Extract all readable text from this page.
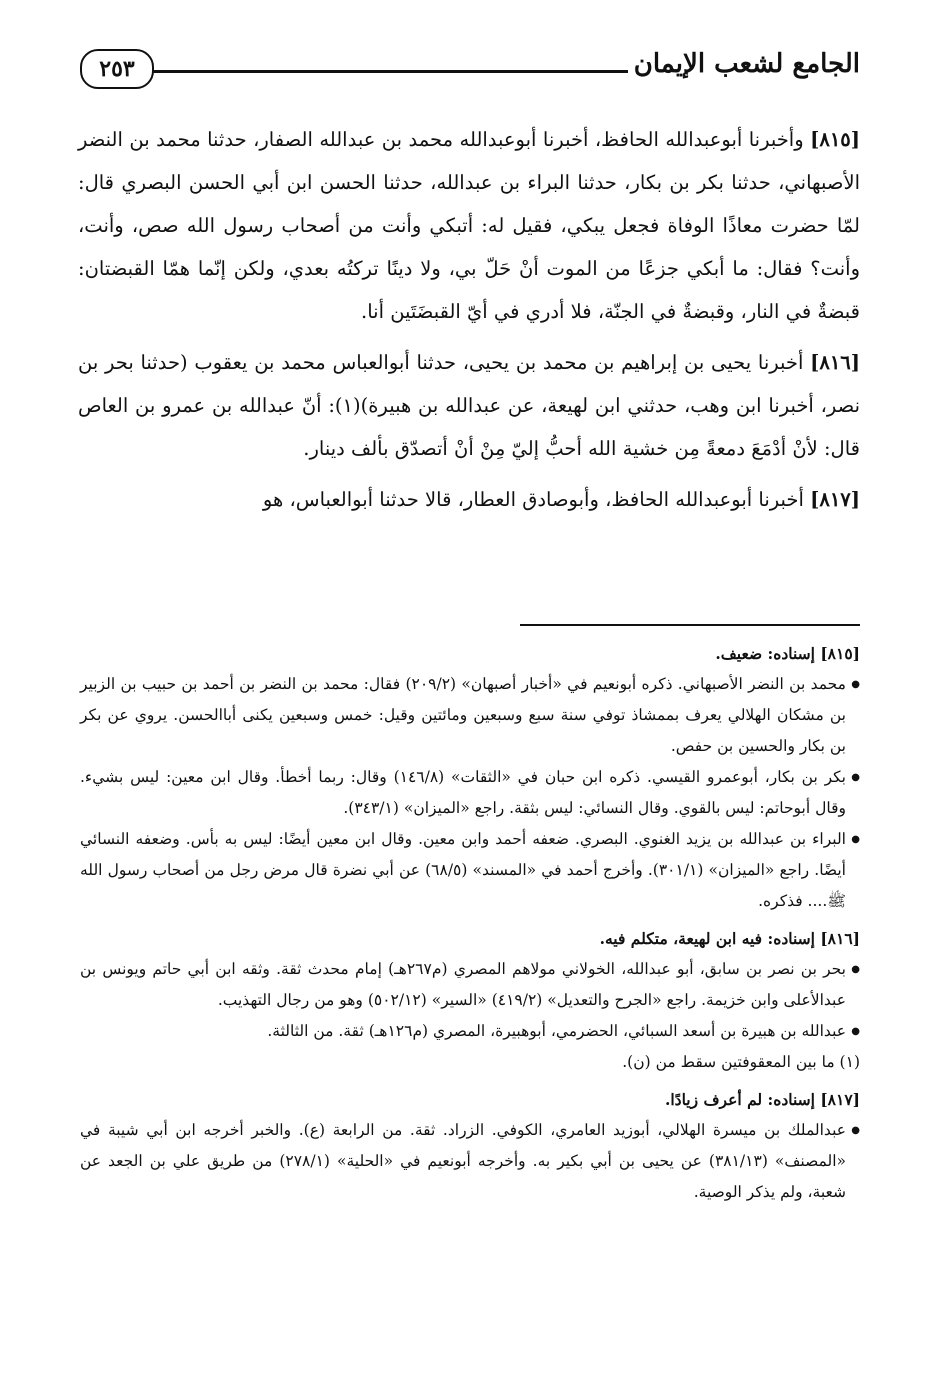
الجامع لشعب الإيمان
٢٥٣

[٨١٥] وأخبرنا أبوعبدالله الحافظ، أخبرنا أبوعبدالله محمد بن عبدالله الصفار، حدثنا محمد بن النضر الأصبهاني، حدثنا بكر بن بكار، حدثنا البراء بن عبدالله، حدثنا الحسن ابن أبي الحسن البصري قال: لمّا حضرت معاذًا الوفاة فجعل يبكي، فقيل له: أتبكي وأنت من أصحاب رسول الله صص، وأنت، وأنت؟ فقال: ما أبكي جزعًا من الموت أنْ حَلّ بي، ولا دينًا تركتُه بعدي، ولكن إنّما همّا القبضتان: قبضةٌ في النار، وقبضةٌ في الجنّة، فلا أدري في أيّ القبضَتَين أنا.

[٨١٦] أخبرنا يحيى بن إبراهيم بن محمد بن يحيى، حدثنا أبوالعباس محمد بن يعقوب (حدثنا بحر بن نصر، أخبرنا ابن وهب، حدثني ابن لهيعة، عن عبدالله بن هبيرة)(١): أنّ عبدالله بن عمرو بن العاص قال: لأنْ أدْمَعَ دمعةً مِن خشية الله أحبُّ إليّ مِنْ أنْ أتصدّق بألف دينار.

[٨١٧] أخبرنا أبوعبدالله الحافظ، وأبوصادق العطار، قالا حدثنا أبوالعباس، هو

[٨١٥] إسناده: ضعيف.

● محمد بن النضر الأصبهاني. ذكره أبونعيم في «أخبار أصبهان» (٢٠٩/٢) فقال: محمد بن النضر بن أحمد بن حبيب بن الزبير بن مشكان الهلالي يعرف بممشاذ توفي سنة سبع وسبعين ومائتين وقيل: خمس وسبعين يكنى أباالحسن. يروي عن بكر بن بكار والحسين بن حفص.

● بكر بن بكار، أبوعمرو القيسي. ذكره ابن حبان في «الثقات» (١٤٦/٨) وقال: ربما أخطأ. وقال ابن معين: ليس بشيء. وقال أبوحاتم: ليس بالقوي. وقال النسائي: ليس بثقة. راجع «الميزان» (٣٤٣/١).

● البراء بن عبدالله بن يزيد الغنوي. البصري. ضعفه أحمد وابن معين. وقال ابن معين أيضًا: ليس به بأس. وضعفه النسائي أيضًا. راجع «الميزان» (٣٠١/١). وأخرج أحمد في «المسند» (٦٨/٥) عن أبي نضرة قال مرض رجل من أصحاب رسول الله ﷺ.... فذكره.

[٨١٦] إسناده: فيه ابن لهيعة، متكلم فيه.

● بحر بن نصر بن سابق، أبو عبدالله، الخولاني مولاهم المصري (م٢٦٧هـ) إمام محدث ثقة. وثقه ابن أبي حاتم ويونس بن عبدالأعلى وابن خزيمة. راجع «الجرح والتعديل» (٤١٩/٢) «السير» (٥٠٢/١٢) وهو من رجال التهذيب.

● عبدالله بن هبيرة بن أسعد السبائي، الحضرمي، أبوهبيرة، المصري (م١٢٦هـ) ثقة. من الثالثة.

(١) ما بين المعقوفتين سقط من (ن).

[٨١٧] إسناده: لم أعرف زيادًا.

● عبدالملك بن ميسرة الهلالي، أبوزيد العامري، الكوفي. الزراد. ثقة. من الرابعة (ع). والخبر أخرجه ابن أبي شيبة في «المصنف» (٣٨١/١٣) عن يحيى بن أبي بكير به. وأخرجه أبونعيم في «الحلية» (٢٧٨/١) من طريق علي بن الجعد عن شعبة، ولم يذكر الوصية.
